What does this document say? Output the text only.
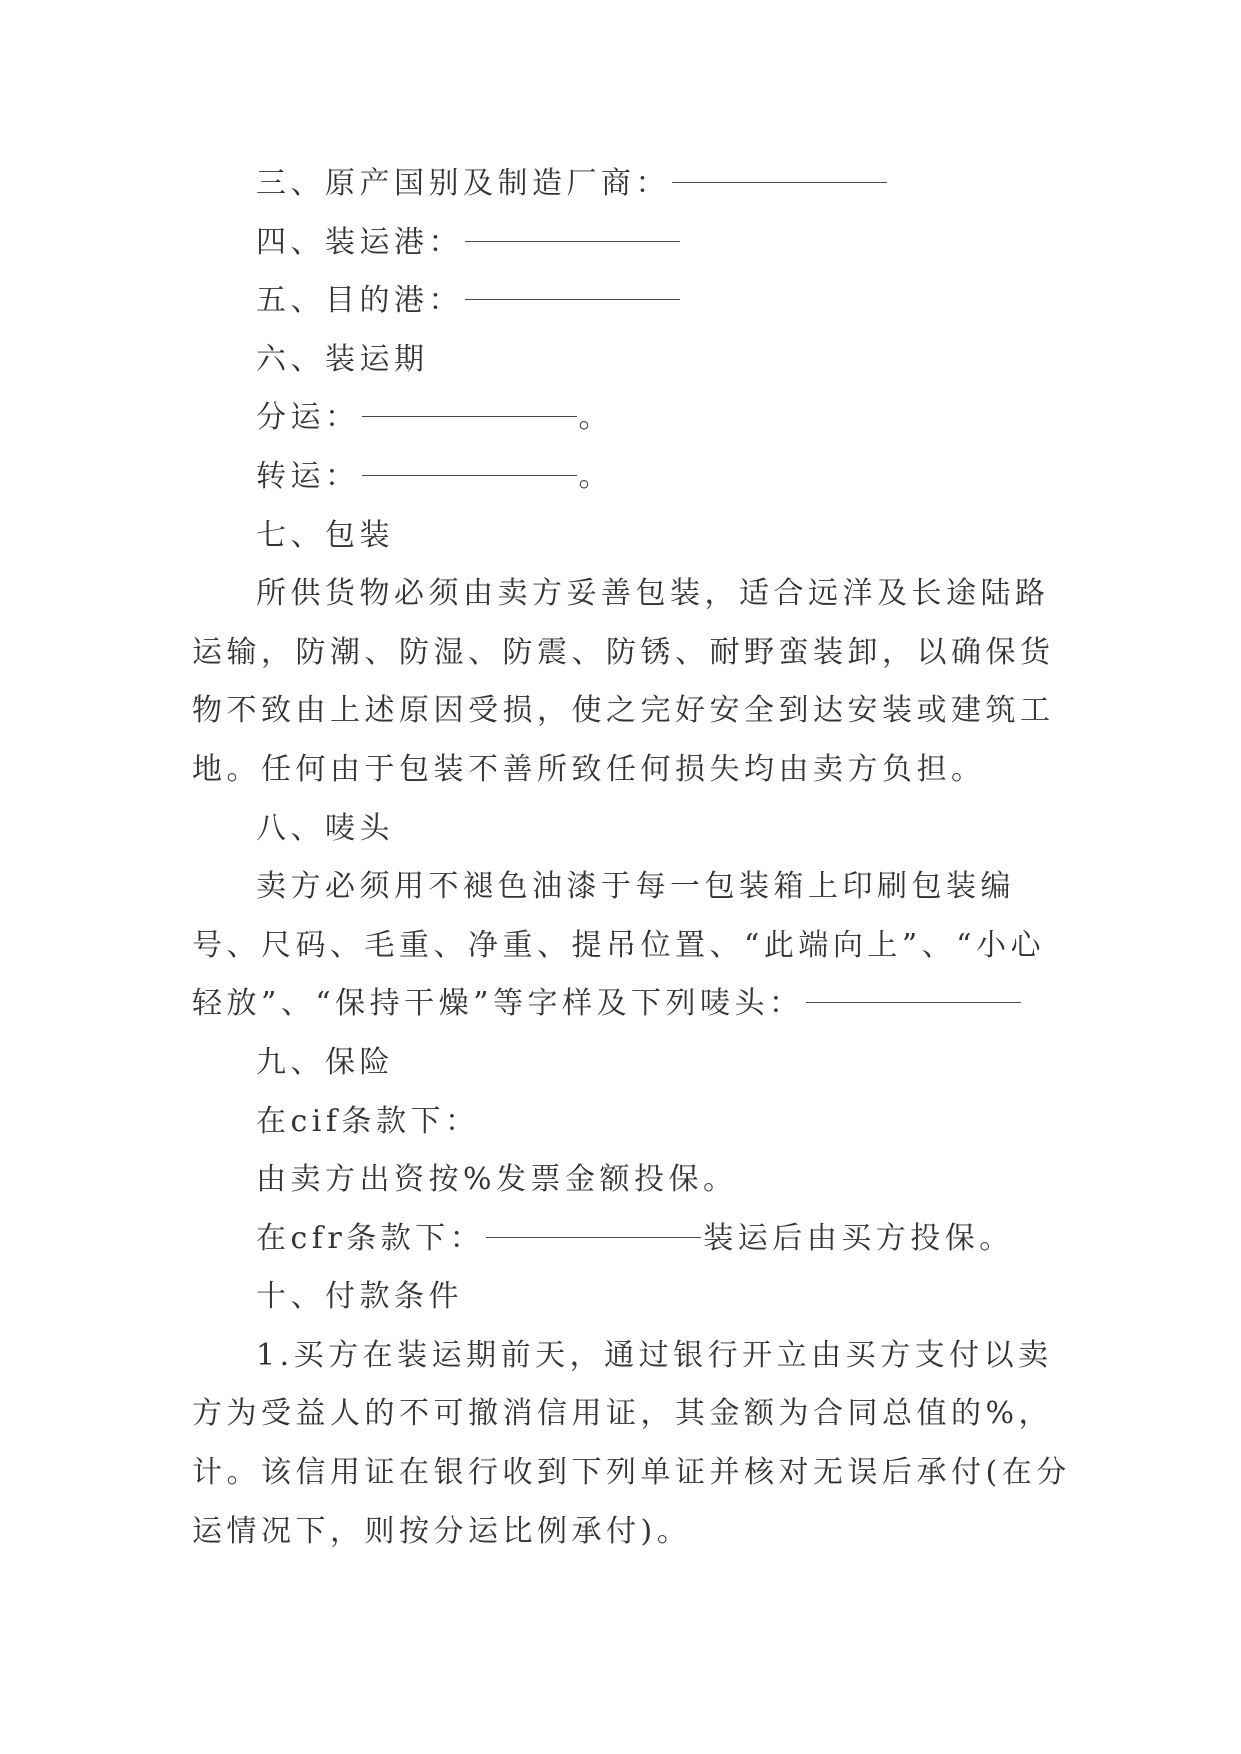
三、原产国别及制造厂商：
四、装运港：
五、目的港：
六、装运期
分运：	。
转运：	。
七、包装
所供货物必须由卖方妥善包装，适合远洋及长途陆路运输，防潮、防湿、防震、防锈、耐野蛮装卸，以确保货物不致由上述原因受损，使之完好安全到达安装或建筑工地。任何由于包装不善所致任何损失均由卖方负担。
八、唛头
卖方必须用不褪色油漆于每一包装箱上印刷包装编号、尺码、毛重、净重、提吊位置、“此端向上”、“小心轻放”、“保持干燥”等字样及下列唛头：
九、保险
在cif条款下：
由卖方出资按%发票金额投保。
在cfr条款下：	装运后由买方投保。
十、付款条件
1.买方在装运期前天，通过银行开立由买方支付以卖方为受益人的不可撤消信用证，其金额为合同总值的%，计。该信用证在银行收到下列单证并核对无误后承付(在分运情况下，则按分运比例承付)。
